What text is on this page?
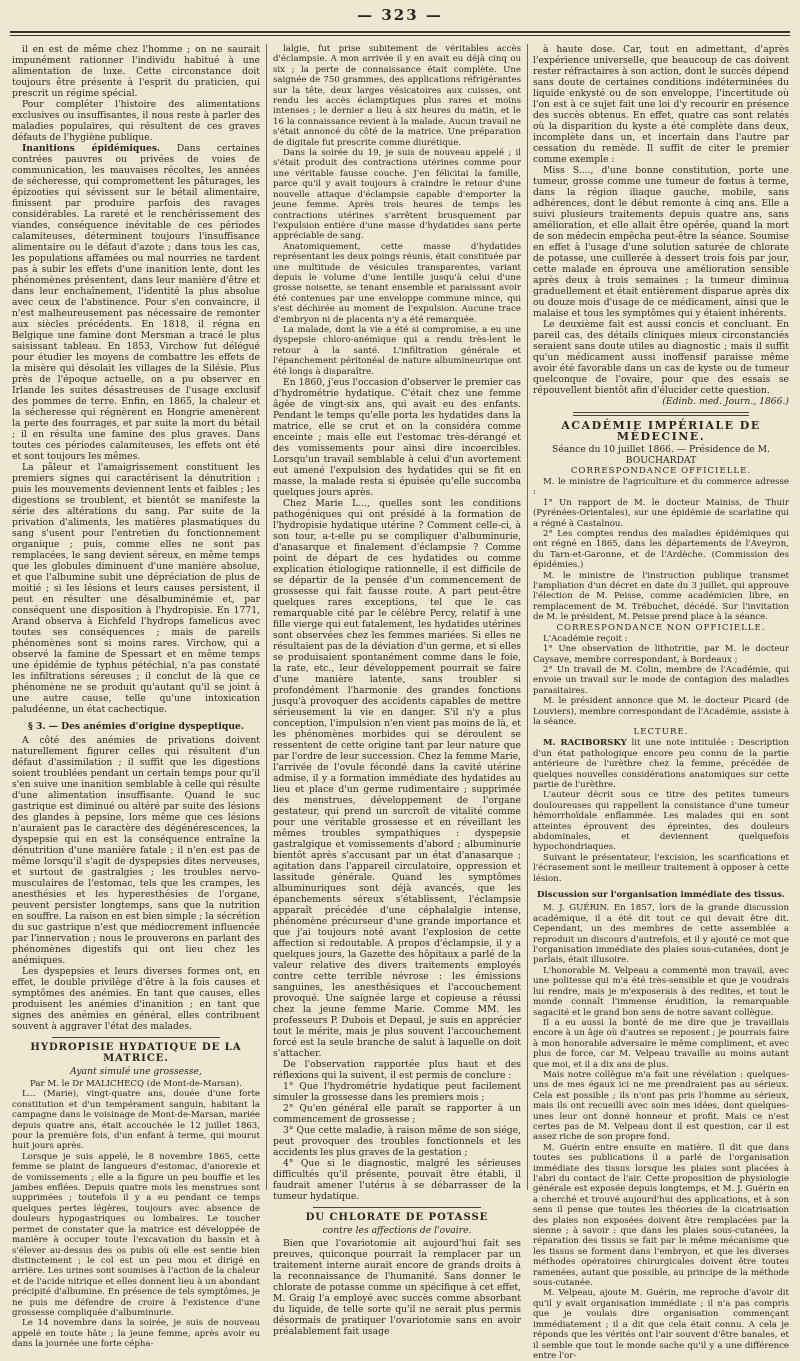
— 323 —

il en est de même chez l'homme ; on ne saurait impunément rationner l'individu habitué à une alimentation de luxe. Cette circonstance doit toujours être présente à l'esprit du praticien, qui prescrit un régime spécial.

Pour compléter l'histoire des alimentations exclusives ou insuffisantes, il nous reste à parler des maladies populaires, qui résultent de ces graves défauts de l'hygiène publique.

Inanitions épidémiques. Dans certaines contrées pauvres ou privées de voies de communication, les mauvaises récoltes, les années de sécheresse, qui compromettent les pâturages, les épizooties qui sévissent sur le bétail alimentaire, finissent par produire parfois des ravages considérables. La rareté et le renchérissement des viandes, conséquence inévitable de ces périodes calamiteuses, déterminent toujours l'insuffisance alimentaire ou le défaut d'azote ; dans tous les cas, les populations affamées ou mal nourries ne tardent pas à subir les effets d'une inanition lente, dont les phénomènes présentent, dans leur manière d'être et dans leur enchaînement, l'identité la plus absolue avec ceux de l'abstinence. Pour s'en convaincre, il n'est malheureusement pas nécessaire de remonter aux siècles précédents. En 1818, il régna en Belgique une famine dont Mersman a tracé le plus saisissant tableau. En 1853, Virchow fut délégué pour étudier les moyens de combattre les effets de la misère qui désolait les villages de la Silésie. Plus près de l'époque actuelle, on a pu observer en Irlande les suites désastreuses de l'usage exclusif des pommes de terre. Enfin, en 1865, la chaleur et la sécheresse qui régnèrent en Hongrie amenèrent la perte des fourrages, et par suite la mort du bétail ; il en résulta une famine des plus graves. Dans toutes ces périodes calamiteuses, les effets ont été et sont toujours les mêmes.

La pâleur et l'amaigrissement constituent les premiers signes qui caractérisent la dénutrition ; puis les mouvements deviennent lents et faibles ; les digestions se troublent, et bientôt se manifeste la série des altérations du sang. Par suite de la privation d'aliments, les matières plasmatiques du sang s'usent pour l'entretien du fonctionnement organique ; puis, comme elles ne sont pas remplacées, le sang devient séreux, en même temps que les globules diminuent d'une manière absolue, et que l'albumine subit une dépréciation de plus de moitié ; si les lésions et leurs causes persistent, il peut en résulter une désalbuminémie et, par conséquent une disposition à l'hydropisie. En 1771, Arand observa à Eichfeld l'hydrops famelicus avec toutes ses conséquences ; mais de pareils phénomènes sont si moins rares. Virchow, qui a observé la famine de Spessart et en même temps une épidémie de typhus pétéchial, n'a pas constaté les infiltrations séreuses ; il conclut de là que ce phénomène ne se produit qu'autant qu'il se joint à une autre cause, telle qu'une intoxication paludéenne, un état cachectique.

§ 3. — Des anémies d'origine dyspeptique.

A côté des anémies de privations doivent naturellement figurer celles qui résultent d'un défaut d'assimilation ; il suffit que les digestions soient troublées pendant un certain temps pour qu'il s'en suive une inanition semblable à celle qui résulte d'une alimentation insuffisante. Quand le suc gastrique est diminué ou altéré par suite des lésions des glandes à pepsine, lors même que ces lésions n'auraient pas le caractère des dégénérescences, la dyspepsie qui en est la conséquence entraîne la dénutrition d'une manière fatale ; il n'en est pas de même lorsqu'il s'agit de dyspepsies dites nerveuses, et surtout de gastralgies ; les troubles nervo-musculaires de l'estomac, tels que les crampes, les anesthésies et les hyperesthésies de l'organe, peuvent persister longtemps, sans que la nutrition en souffre. La raison en est bien simple ; la sécrétion du suc gastrique n'est que médiocrement influencée par l'innervation ; nous le prouverons en parlant des phénomènes digestifs qui ont lieu chez les anémiques.

Les dyspepsies et leurs diverses formes ont, en effet, le double privilège d'être à la fois causes et symptômes des anémies. En tant que causes, elles produisent les anémies d'inanition ; en tant que signes des anémies en général, elles contribuent souvent à aggraver l'état des malades.

HYDROPISIE HYDATIQUE DE LA MATRICE.
Ayant simulé une grossesse,
Par M. le Dr MALICHECQ (de Mont-de-Marsan).

L... (Marie), vingt-quatre ans, douée d'une forte constitution et d'un tempérament sanguin, habitant la campagne dans le voisinage de Mont-de-Marsan, mariée depuis quatre ans, était accouchée le 12 juillet 1863, pour la première fois, d'un enfant à terme, qui mourut huit jours après.

Lorsque je suis appelé, le 8 novembre 1865, cette femme se plaint de langueurs d'estomac, d'anorexie et de vomissements ; elle a la figure un peu bouffie et les jambes enflées. Depuis quatre mois les menstrues sont supprimées ; toutefois il y a eu pendant ce temps quelques pertes légères, toujours avec absence de douleurs hypogastriques ou lombaires. Le toucher permet de constater que la matrice est développée de manière à occuper toute l'excavation du bassin et à s'élever au-dessus des os pubis où elle est sentie bien distinctement ; le col est un peu mou et dirigé en arrière. Les urines sont soumises à l'action de la chaleur et de l'acide nitrique et elles donnent lieu à un abondant précipité d'albumine. En présence de tels symptômes, je ne puis me défendre de croire à l'existence d'une grossesse compliquée d'albuminurie.

Le 14 novembre dans la soirée, je suis de nouveau appelé en toute hâte ; la jeune femme, après avoir eu dans la journée une forte cépha-

lalgie, fut prise subitement de véritables accès d'éclampsie. A mon arrivée il y en avait eu déjà cinq ou six ; la perte de connaissance était complète. Une saignée de 750 grammes, des applications réfrigérantes sur la tête, deux larges vésicatoires aux cuisses, ont rendu les accès éclamptiques plus rares et moins intenses ; le dernier a lieu à six heures du matin, et le 16 la connaissance revient à la malade. Aucun travail ne s'était annoncé du côté de la matrice. Une préparation de digitale fut prescrite comme diurétique.

Dans la soirée du 19, je suis de nouveau appelé ; il s'était produit des contractions utérines comme pour une véritable fausse couche. J'en félicitai la famille, parce qu'il y avait toujours à craindre le retour d'une nouvelle attaque d'éclampsie capable d'emporter la jeune femme. Après trois heures de temps les contractions utérines s'arrêtent brusquement par l'expulsion entière d'une masse d'hydatides sans perte appréciable de sang.

Anatomiquement, cette masse d'hydatides représentant les deux poings réunis, était constituée par une multitude de vésicules transparentes, variant depuis le volume d'une lentille jusqu'à celui d'une grosse noisette, se tenant ensemble et paraissant avoir été contenues par une enveloppe commune mince, qui s'est déchirée au moment de l'expulsion. Aucune trace d'embryon ni de placenta n'y a été remarquée.

La malade, dont la vie a été si compromise, a eu une dyspepsie chloro-anémique qui a rendu très-lent le retour à la santé. L'infiltration générale et l'épanchement péritonéal de nature albumineurique ont été longs à disparaître.

En 1860, j'eus l'occasion d'observer le premier cas d'hydrométrie hydatique. C'était chez une femme âgée de vingt-six ans, qui avait eu des enfants. Pendant le temps qu'elle porta les hydatides dans la matrice, elle se crut et on la considéra comme enceinte ; mais elle eut l'estomac très-dérangé et des vomissements pour ainsi dire incoercibles. Lorsqu'un travail semblable à celui d'un avortement eut amené l'expulsion des hydatides qui se fit en masse, la malade resta si épuisée qu'elle succomba quelques jours après.

Chez Marie L..., quelles sont les conditions pathogéniques qui ont présidé à la formation de l'hydropisie hydatique utérine ? Comment celle-ci, à son tour, a-t-elle pu se compliquer d'albuminurie, d'anasarque et finalement d'éclampsie ? Comme point de départ de ces hydatides ou comme explication étiologique rationnelle, il est difficile de se départir de la pensée d'un commencement de grossesse qui fait fausse route. A part peut-être quelques rares exceptions, tel que le cas remarquable cité par le célèbre Percy, relatif à une fille vierge qui eut fatalement, les hydatides utérines sont observées chez les femmes mariées. Si elles ne résultaient pas de la déviation d'un germe, et si elles se produisaient spontanément comme dans le foie, la rate, etc., leur développement pourrait se faire d'une manière latente, sans troubler si profondément l'harmonie des grandes fonctions jusqu'à provoquer des accidents capables de mettre sérieusement la vie en danger. S'il n'y a plus conception, l'impulsion n'en vient pas moins de là, et les phénomènes morbides qui se déroulent se ressentent de cette origine tant par leur nature que par l'ordre de leur succession. Chez la femme Marie, l'arrivée de l'ovule fécondé dans la cavité utérine admise, il y a formation immédiate des hydatides au lieu et place d'un germe rudimentaire ; supprimée des menstrues, développement de l'organe gestateur, qui prend un surcroît de vitalité comme pour une véritable grossesse et en réveillant les mêmes troubles sympathiques : dyspepsie gastralgique et vomissements d'abord ; albuminurie bientôt après s'accusant par un état d'anasarque ; agitation dans l'appareil circulatoire, oppression et lassitude générale. Quand les symptômes albuminuriques sont déjà avancés, que les épanchements séreux s'établissent, l'éclampsie apparaît précédée d'une céphalalgie intense, phénomène précurseur d'une grande importance et que j'ai toujours noté avant l'explosion de cette affection si redoutable. A propos d'éclampsie, il y a quelques jours, la Gazette des hôpitaux a parlé de la valeur relative des divers traitements employés contre cette terrible névrose : les émissions sanguines, les anesthésiques et l'accouchement provoqué. Une saignée large et copieuse a réussi chez la jeune femme Marie. Comme MM. les professeurs P. Dubois et Depaul, je suis en apprécier tout le mérite, mais je plus souvent l'accouchement forcé est la seule branche de salut à laquelle on doit s'attacher.

De l'observation rapportée plus haut et des réflexions qui la suivent, il est permis de conclure :

1° Que l'hydrométrie hydatique peut facilement simuler la grossesse dans les premiers mois ;

2° Qu'en général elle paraît se rapporter à un commencement de grossesse ;

3° Que cette maladie, à raison même de son siége, peut provoquer des troubles fonctionnels et les accidents les plus graves de la gestation ;

4° Que si le diagnostic, malgré les sérieuses difficultés qu'il présente, pouvait être établi, il faudrait amener l'utérus à se débarrasser de la tumeur hydatique.

DU CHLORATE DE POTASSE
contre les affections de l'ovaire.

Bien que l'ovariotomie ait aujourd'hui fait ses preuves, quiconque pourrait la remplacer par un traitement interne aurait encore de grands droits à la reconnaissance de l'humanité. Sans donner le chlorate de potasse comme un spécifique à cet effet, M. Graig l'a employé avec succès comme absorbant du liquide, de telle sorte qu'il ne serait plus permis désormais de pratiquer l'ovariotomie sans en avoir préalablement fait usage

à haute dose. Car, tout en admettant, d'après l'expérience universelle, que beaucoup de cas doivent rester réfractaires à son action, dont le succès dépend sans doute de certaines conditions indéterminées du liquide enkysté ou de son enveloppe, l'incertitude où l'on est à ce sujet fait une loi d'y recourir en présence des succès obtenus. En effet, quatre cas sont relatés où la disparition du kyste a été complète dans deux, incomplète dans un, et incertain dans l'autre par cessation du remède. Il suffit de citer le premier comme exemple :

Miss S...., d'une bonne constitution, porte une tumeur, grosse comme une tumeur de fœtus à terme, dans la région iliaque gauche, mobile, sans adhérences, dont le début remonte à cinq ans. Elle a suivi plusieurs traitements depuis quatre ans, sans amélioration, et elle allait être opérée, quand la mort de son médecin empêcha peut-être la séance. Soumise en effet à l'usage d'une solution saturée de chlorate de potasse, une cuillerée à dessert trois fois par jour, cette malade en éprouva une amélioration sensible après deux à trois semaines ; la tumeur diminua graduellement et était entièrement disparue après dix ou douze mois d'usage de ce médicament, ainsi que le malaise et tous les symptômes qui y étaient inhérents.

Le deuxième fait est aussi concis et concluant. En pareil cas, des détails cliniques mieux circonstanciés seraient sans doute utiles au diagnostic ; mais il suffit qu'un médicament aussi inoffensif paraisse même avoir été favorable dans un cas de kyste ou de tumeur quelconque de l'ovaire, pour que des essais se répouvellent bientôt afin d'élucider cette question.

(Edinb. med. Journ., 1866.)
ACADÉMIE IMPÉRIALE DE MÉDECINE.
Séance du 10 juillet 1866. — Présidence de M. BOUCHARDAT
CORRESPONDANCE OFFICIELLE.

M. le ministre de l'agriculture et du commerce adresse :

1° Un rapport de M. le docteur Mainiss, de Thuir (Pyrénées-Orientales), sur une épidémie de scarlatine qui a régné à Castalnou.

2° Les comptes rendus des maladies épidémiques qui ont régné en 1865, dans les départements de l'Aveyron, du Tarn-et-Garonne, et de l'Ardèche. (Commission des épidémies.)

M. le ministre de l'instruction publique transmet l'ampliation d'un décret en date du 3 juillet, qui approuve l'élection de M. Peisse, comme académicien libre, en remplacement de M. Trébuchet, décédé. Sur l'invitation de M. le président, M. Peisse prend place à la séance.

CORRESPONDANCE NON OFFICIELLE.

L'Académie reçoit :

1° Une observation de lithotritie, par M. le docteur Caysave, membre correspondant, à Bordeaux ;

2° Un travail de M. Colin, membre de l'Académie, qui envoie un travail sur le mode de contagion des maladies parasitaires.

M. le président annonce que M. le docteur Picard (de Louviers), membre correspondant de l'Académie, assiste à la séance.

LECTURE.

M. RACIBORSKY lit une note intitulée : Description d'un état pathologique encore peu connu de la partie antérieure de l'urèthre chez la femme, précédée de quelques nouvelles considérations anatomiques sur cette partie de l'urèthre.

L'auteur décrit sous ce titre des petites tumeurs douloureuses qui rappellent la consistance d'une tumeur hémorrhoïdale enflammée. Les malades qui en sont atteintes éprouvent des épreintes, des douleurs abdominales, et deviennent quelquefois hypochondriaques.

Suivant le présentateur, l'excision, les scarifications et l'écrasement sont le meilleur traitement à opposer à cette lésion.

Discussion sur l'organisation immédiate des tissus.

M. J. GUÉRIN. En 1857, lors de la grande discussion académique, il a été dit tout ce qui devait être dit. Cependant, un des membres de cette assemblée a reproduit un discours d'autrefois, et il y ajouté ce mot que l'organisation immédiate des plaies sous-cutanées, dont je parlais, était illusoire.

L'honorable M. Velpeau a commenté mon travail, avec une politesse qui m'a été très-sensible et que je voudrais lui rendre, mais je m'exposerais à des redites, et tout le monde connaît l'immense érudition, la remarquable sagacité et le grand bon sens de notre savant collègue.

Il a eu aussi la bonté de me dire que je travaillais encore à un âge où d'autres se reposent ; je pourrais faire à mon honorable adversaire le même compliment, et avec plus de force, car M. Velpeau travaille au moins autant que moi, et il a dix ans de plus.

Mais notre collègue m'a fait une révélation : quelques-uns de mes égaux ici ne me prendraient pas au sérieux. Cela est possible ; ils n'ont pas pris l'homme au sérieux, mais ils ont recueilli avec soin mes idées, dont quelques-unes leur ont donné honneur et profit. Mais ce n'est certes pas de M. Velpeau dont il est question, car il est assez riche de son propre fond.

M. Guérin entre ensuite en matière. Il dit que dans toutes ses publications il a parlé de l'organisation immédiate des tissus lorsque les plaies sont placées à l'abri du contact de l'air. Cette proposition de physiologie générale est exposée depuis longtemps, et M. J. Guérin en a cherché et trouvé aujourd'hui des applications, et à son sens il pense que toutes les théories de la cicatrisation des plaies non exposées doivent être remplacées par la sienne ; à savoir : que dans les plaies sous-cutanées, la réparation des tissus se fait par le même mécanisme que les tissus se forment dans l'embryon, et que les diverses méthodes opératoires chirurgicales doivent être toutes ramenées, autant que possible, au principe de la méthode sous-cutanée.

M. Velpeau, ajoute M. Guérin, me reproche d'avoir dit qu'il y avait organisation immédiate ; il n'a pas compris que je voulais dire organisation commençant immédiatement ; il a dit que cela était connu. A cela je réponds que les vérités ont l'air souvent d'être banales, et il semble que tout le monde sache qu'il y a une différence entre l'or-
